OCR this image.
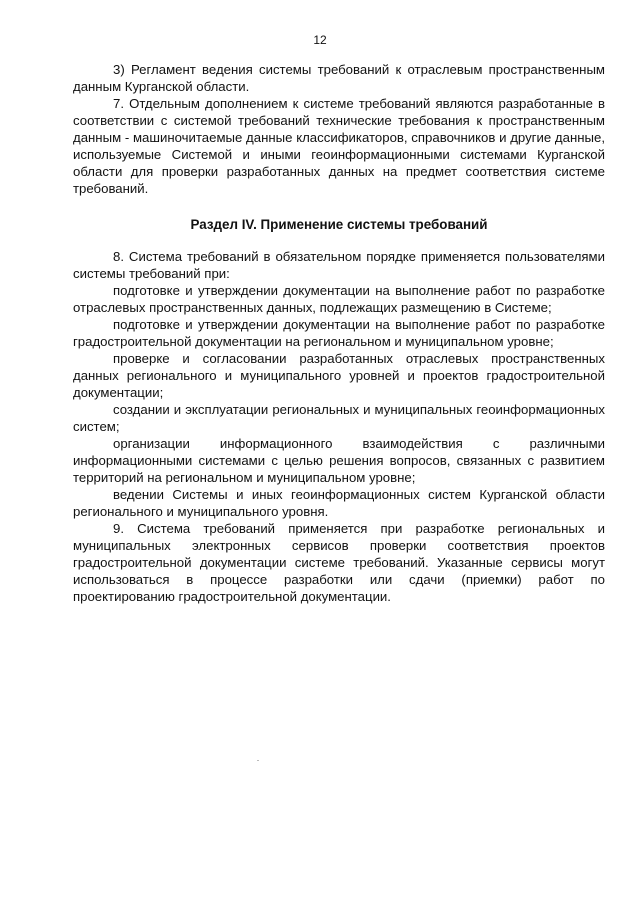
12

3) Регламент ведения системы требований к отраслевым пространственным данным Курганской области.

7. Отдельным дополнением к системе требований являются разработанные в соответствии с системой требований технические требования к пространственным данным - машиночитаемые данные классификаторов, справочников и другие данные, используемые Системой и иными геоинформационными системами Курганской области для проверки разработанных данных на предмет соответствия системе требований.

Раздел IV. Применение системы требований

8. Система требований в обязательном порядке применяется пользователями системы требований при:

подготовке и утверждении документации на выполнение работ по разработке отраслевых пространственных данных, подлежащих размещению в Системе;

подготовке и утверждении документации на выполнение работ по разработке градостроительной документации на региональном и муниципальном уровне;

проверке и согласовании разработанных отраслевых пространственных данных регионального и муниципального уровней и проектов градостроительной документации;

создании и эксплуатации региональных и муниципальных геоинформационных систем;

организации информационного взаимодействия с различными информационными системами с целью решения вопросов, связанных с развитием территорий на региональном и муниципальном уровне;

ведении Системы и иных геоинформационных систем Курганской области регионального и муниципального уровня.

9. Система требований применяется при разработке региональных и муниципальных электронных сервисов проверки соответствия проектов градостроительной документации системе требований. Указанные сервисы могут использоваться в процессе разработки или сдачи (приемки) работ по проектированию градостроительной документации.
